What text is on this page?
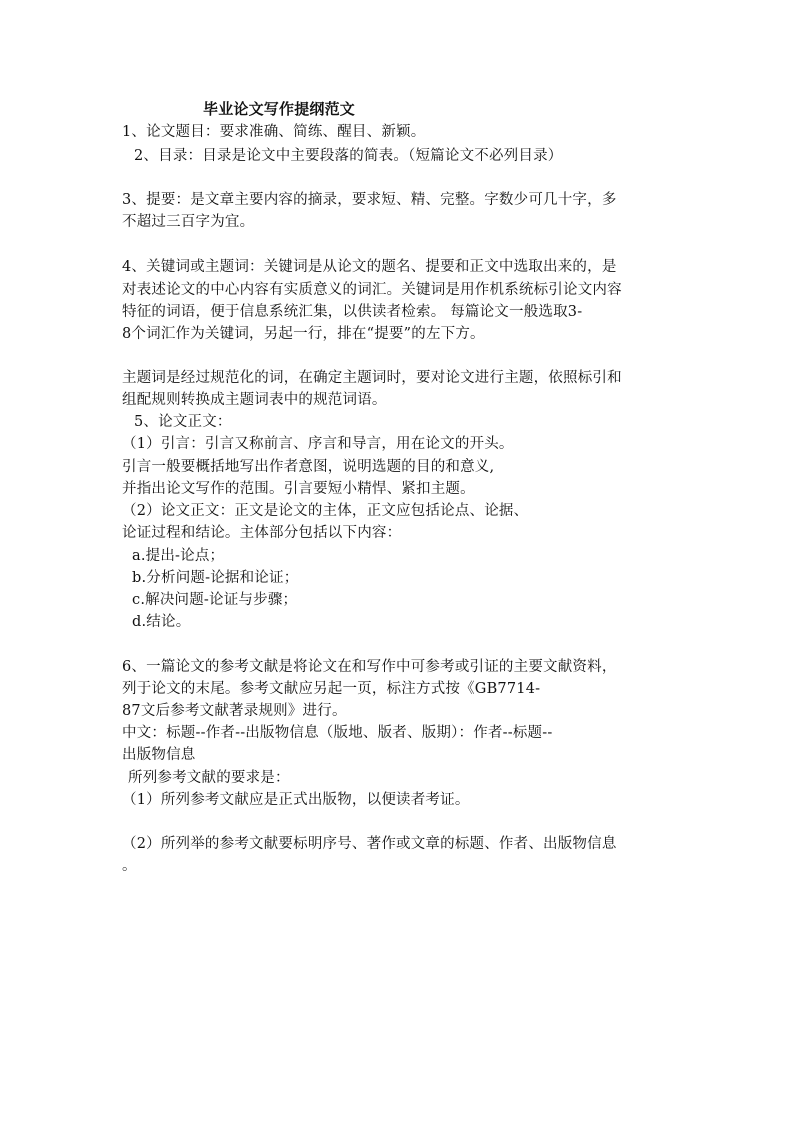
毕业论文写作提纲范文
1、论文题目：要求准确、简练、醒目、新颖。
2、目录：目录是论文中主要段落的简表。（短篇论文不必列目录）
3、提要：是文章主要内容的摘录，要求短、精、完整。字数少可几十字，多
不超过三百字为宜。
4、关键词或主题词：关键词是从论文的题名、提要和正文中选取出来的，是
对表述论文的中心内容有实质意义的词汇。关键词是用作机系统标引论文内容
特征的词语，便于信息系统汇集，以供读者检索。 每篇论文一般选取3-
8个词汇作为关键词，另起一行，排在“提要”的左下方。
主题词是经过规范化的词，在确定主题词时，要对论文进行主题，依照标引和
组配规则转换成主题词表中的规范词语。
5、论文正文：
（1）引言：引言又称前言、序言和导言，用在论文的开头。
引言一般要概括地写出作者意图，说明选题的目的和意义,
并指出论文写作的范围。引言要短小精悍、紧扣主题。
（2）论文正文：正文是论文的主体，正文应包括论点、论据、
论证过程和结论。主体部分包括以下内容：
a.提出-论点；
b.分析问题-论据和论证；
c.解决问题-论证与步骤；
d.结论。
6、一篇论文的参考文献是将论文在和写作中可参考或引证的主要文献资料，
列于论文的末尾。参考文献应另起一页，标注方式按《GB7714-
87文后参考文献著录规则》进行。
中文：标题--作者--出版物信息（版地、版者、版期）：作者--标题--
出版物信息
所列参考文献的要求是：
（1）所列参考文献应是正式出版物，以便读者考证。
（2）所列举的参考文献要标明序号、著作或文章的标题、作者、出版物信息
。
